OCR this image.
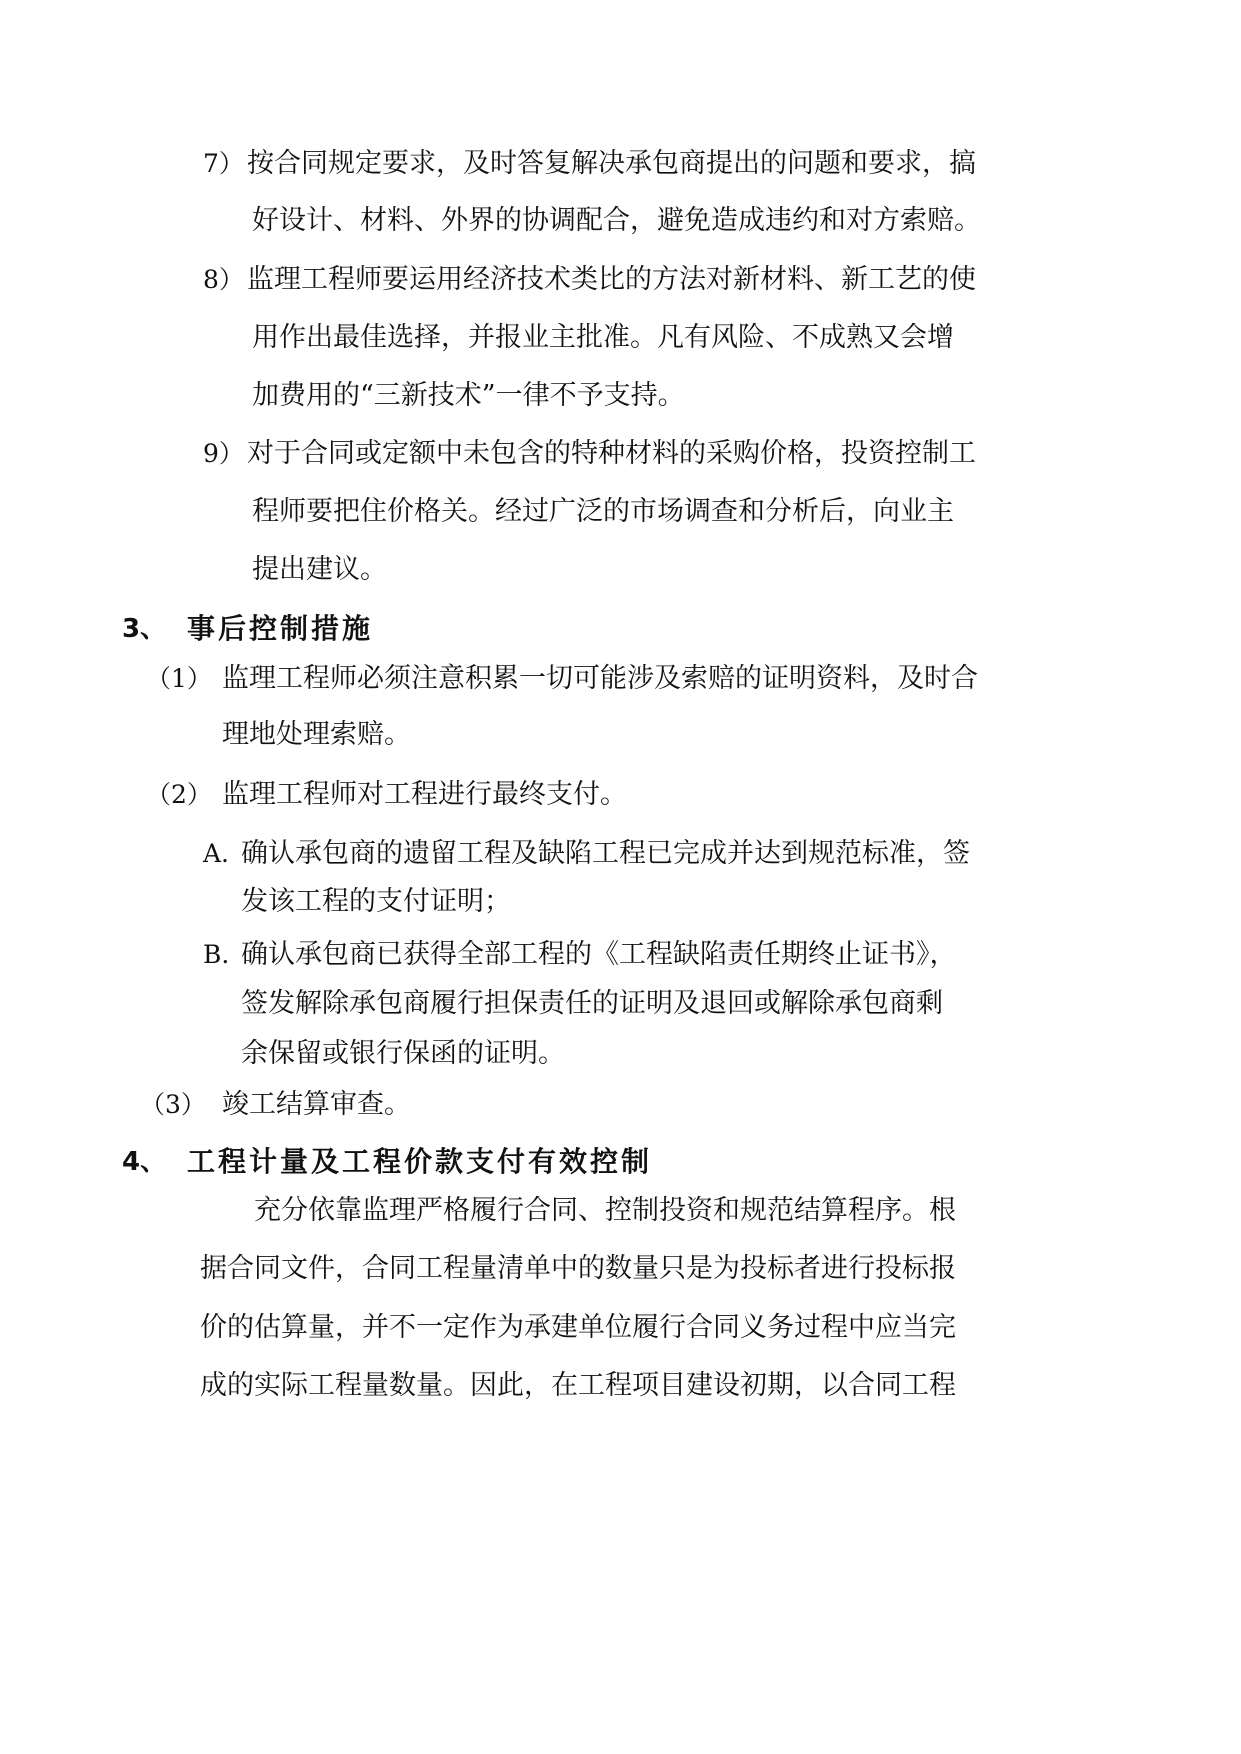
7） 按合同规定要求，及时答复解决承包商提出的问题和要求，搞
好设计、材料、外界的协调配合，避免造成违约和对方索赔。
8） 监理工程师要运用经济技术类比的方法对新材料、新工艺的使
用作出最佳选择，并报业主批准。凡有风险、不成熟又会增
加费用的“三新技术”一律不予支持。
9） 对于合同或定额中未包含的特种材料的采购价格，投资控制工
程师要把住价格关。经过广泛的市场调查和分析后，向业主
提出建议。
3、 事后控制措施
（1） 监理工程师必须注意积累一切可能涉及索赔的证明资料，及时合
理地处理索赔。
（2） 监理工程师对工程进行最终支付。
A. 确认承包商的遗留工程及缺陷工程已完成并达到规范标准，签
发该工程的支付证明；
B. 确认承包商已获得全部工程的《工程缺陷责任期终止证书》，
签发解除承包商履行担保责任的证明及退回或解除承包商剩
余保留或银行保函的证明。
（3） 竣工结算审查。
4、 工程计量及工程价款支付有效控制
充分依靠监理严格履行合同、控制投资和规范结算程序。根
据合同文件，合同工程量清单中的数量只是为投标者进行投标报
价的估算量，并不一定作为承建单位履行合同义务过程中应当完
成的实际工程量数量。因此，在工程项目建设初期，以合同工程
